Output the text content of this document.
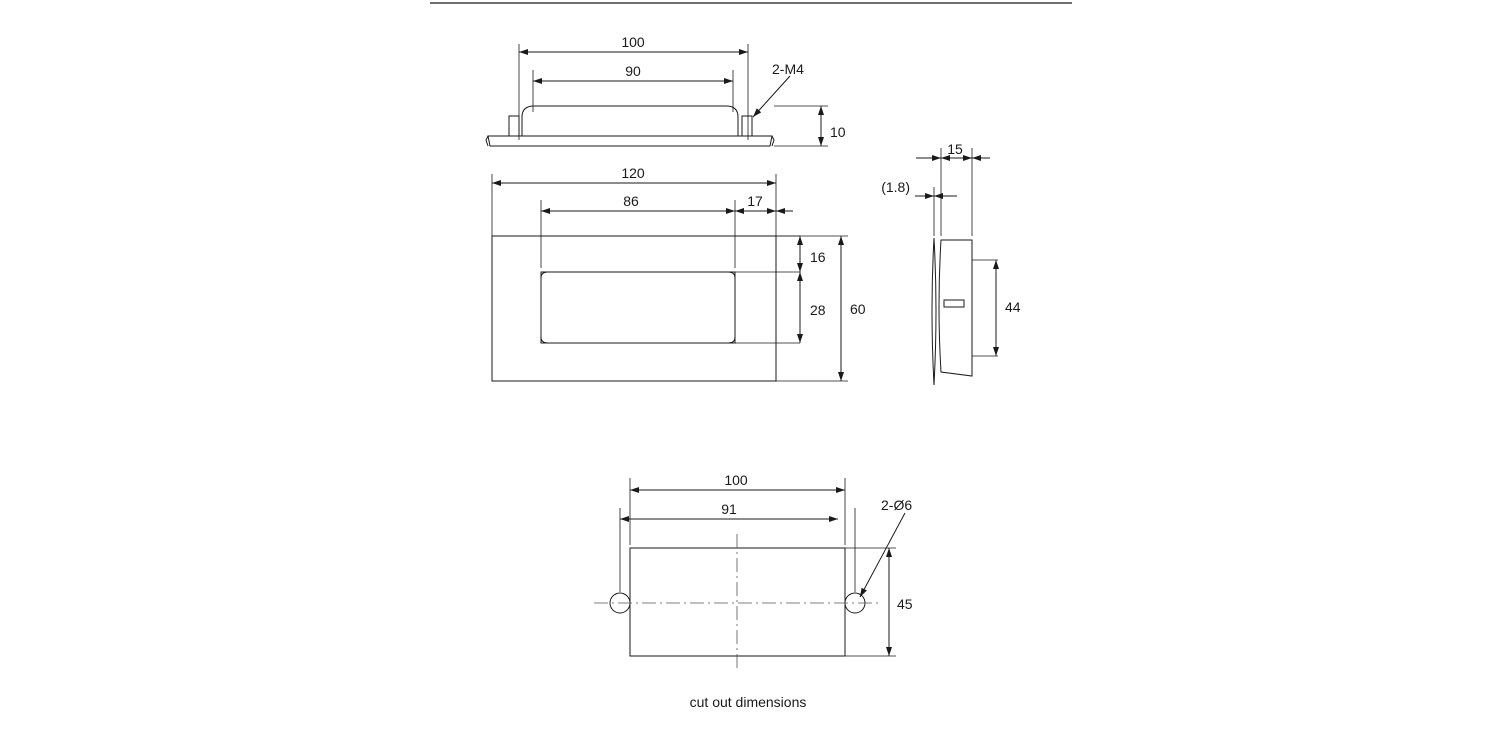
100
90	2-M4
10
120
86	17
16
28 60
15
(1.8)
44
100
91	2-Ø6
45
cut out dimensions
